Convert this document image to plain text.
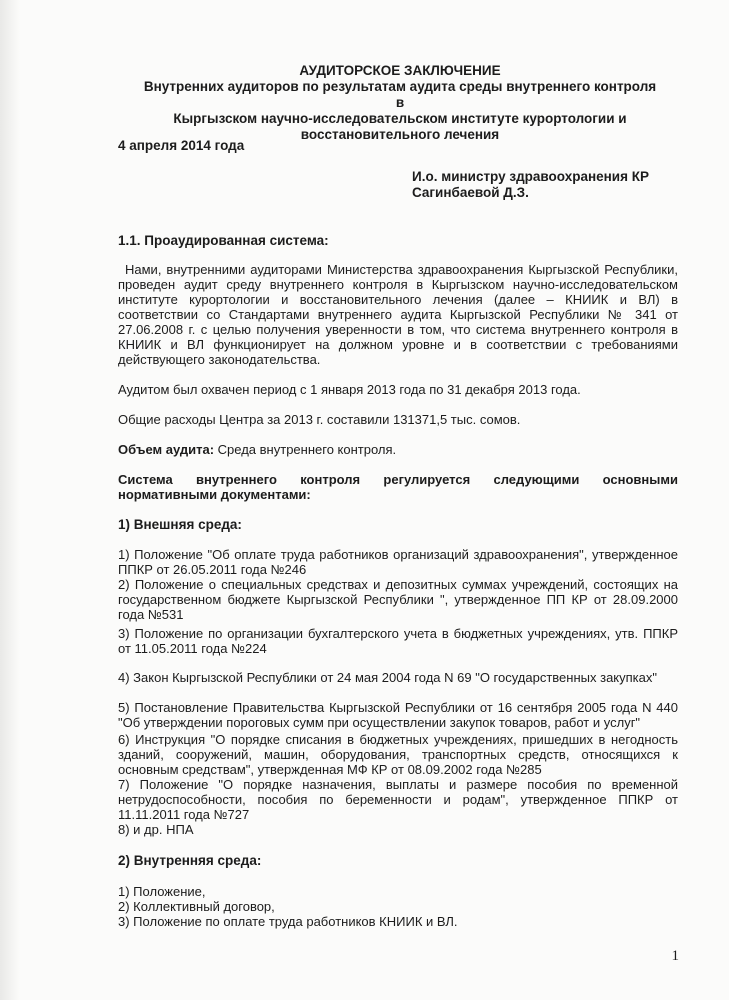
АУДИТОРСКОЕ ЗАКЛЮЧЕНИЕ

Внутренних аудиторов по результатам аудита среды внутреннего контроля в
Кыргызском научно-исследовательском институте курортологии и
восстановительного лечения

4 апреля 2014 года

И.о. министру здравоохранения КР
Сагинбаевой Д.З.

1.1. Проаудированная система:

Нами, внутренними аудиторами Министерства здравоохранения Кыргызской Республики, проведен аудит среду внутреннего контроля в Кыргызском научно-исследовательском институте курортологии и восстановительного лечения (далее – КНИИК и ВЛ) в соответствии со Стандартами внутреннего аудита Кыргызской Республики № 341 от 27.06.2008 г. с целью получения уверенности в том, что система внутреннего контроля в КНИИК и ВЛ функционирует на должном уровне и в соответствии с требованиями действующего законодательства.

Аудитом был охвачен период с 1 января 2013 года по 31 декабря 2013 года.

Общие расходы Центра за 2013 г. составили 131371,5 тыс. сомов.

Объем аудита: Среда внутреннего контроля.

Система внутреннего контроля регулируется следующими основными нормативными документами:

1) Внешняя среда:

1) Положение "Об оплате труда работников организаций здравоохранения", утвержденное ППКР от 26.05.2011 года №246

2) Положение о специальных средствах и депозитных суммах учреждений, состоящих на государственном бюджете Кыргызской Республики ", утвержденное ПП КР от 28.09.2000 года №531

3) Положение по организации бухгалтерского учета в бюджетных учреждениях, утв. ППКР от 11.05.2011 года №224

4) Закон Кыргызской Республики от 24 мая 2004 года N 69 "О государственных закупках"

5) Постановление Правительства Кыргызской Республики от 16 сентября 2005 года N 440 "Об утверждении пороговых сумм при осуществлении закупок товаров, работ и услуг"

6) Инструкция "О порядке списания в бюджетных учреждениях, пришедших в негодность зданий, сооружений, машин, оборудования, транспортных средств, относящихся к основным средствам", утвержденная МФ КР от 08.09.2002 года №285

7) Положение "О порядке назначения, выплаты и размере пособия по временной нетрудоспособности, пособия по беременности и родам", утвержденное ППКР от 11.11.2011 года №727

8) и др. НПА

2) Внутренняя среда:

1) Положение,
2) Коллективный договор,
3) Положение по оплате труда работников КНИИК и ВЛ.

1
